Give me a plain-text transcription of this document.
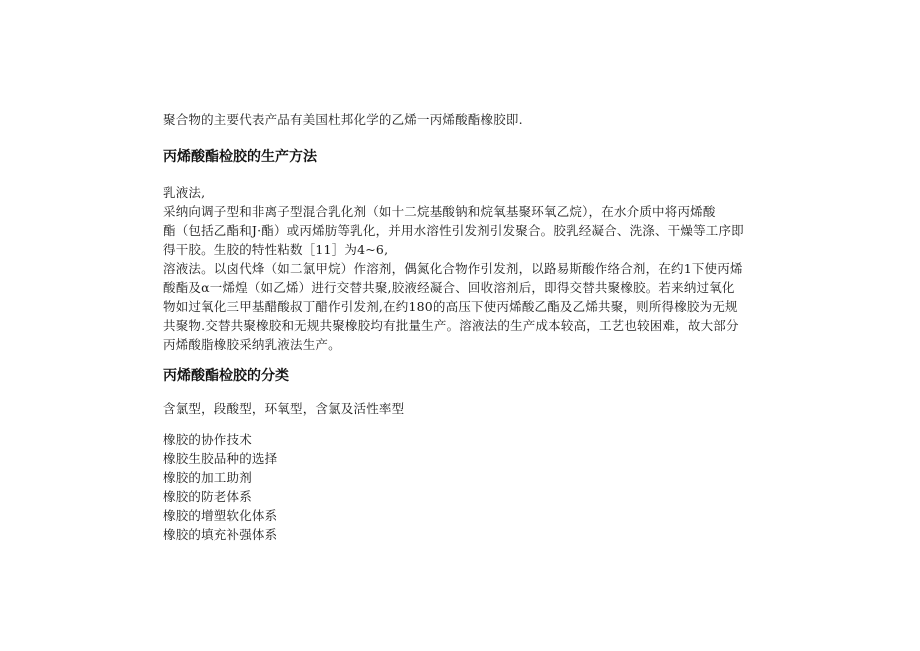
聚合物的主要代表产品有美国杜邦化学的乙烯一丙烯酸酯橡胶即.

丙烯酸酯检胶的生产方法

乳液法,

采纳向调子型和非离子型混合乳化剂（如十二烷基酸钠和烷氧基聚环氧乙烷），在水介质中将丙烯酸

酯（包括乙酯和J·酯）或丙烯肪等乳化，并用水溶性引发剂引发聚合。胶乳经凝合、洗涤、干燥等工序即

得干胶。生胶的特性粘数［11］为4~6,

溶液法。以卤代烽（如二氯甲烷）作溶剂，偶氮化合物作引发剂，以路易斯酸作络合剂，在约1下使丙烯

酸酯及α一烯煌（如乙烯）进行交替共聚,胶液经凝合、回收溶剂后，即得交替共聚橡胶。若来纳过氧化

物如过氧化三甲基醋酸叔丁醋作引发剂,在约180的高压下使丙烯酸乙酯及乙烯共聚，则所得橡胶为无规

共聚物.交替共聚橡胶和无规共聚橡胶均有批量生产。溶液法的生产成本较高，工艺也较困难，故大部分

丙烯酸脂橡胶采纳乳液法生产。

丙烯酸酯检胶的分类

含氯型，段酸型，环氧型，含氯及活性率型

橡胶的协作技术

橡胶生胶品种的选择

橡胶的加工助剂

橡胶的防老体系

橡胶的增塑软化体系

橡胶的填充补强体系
